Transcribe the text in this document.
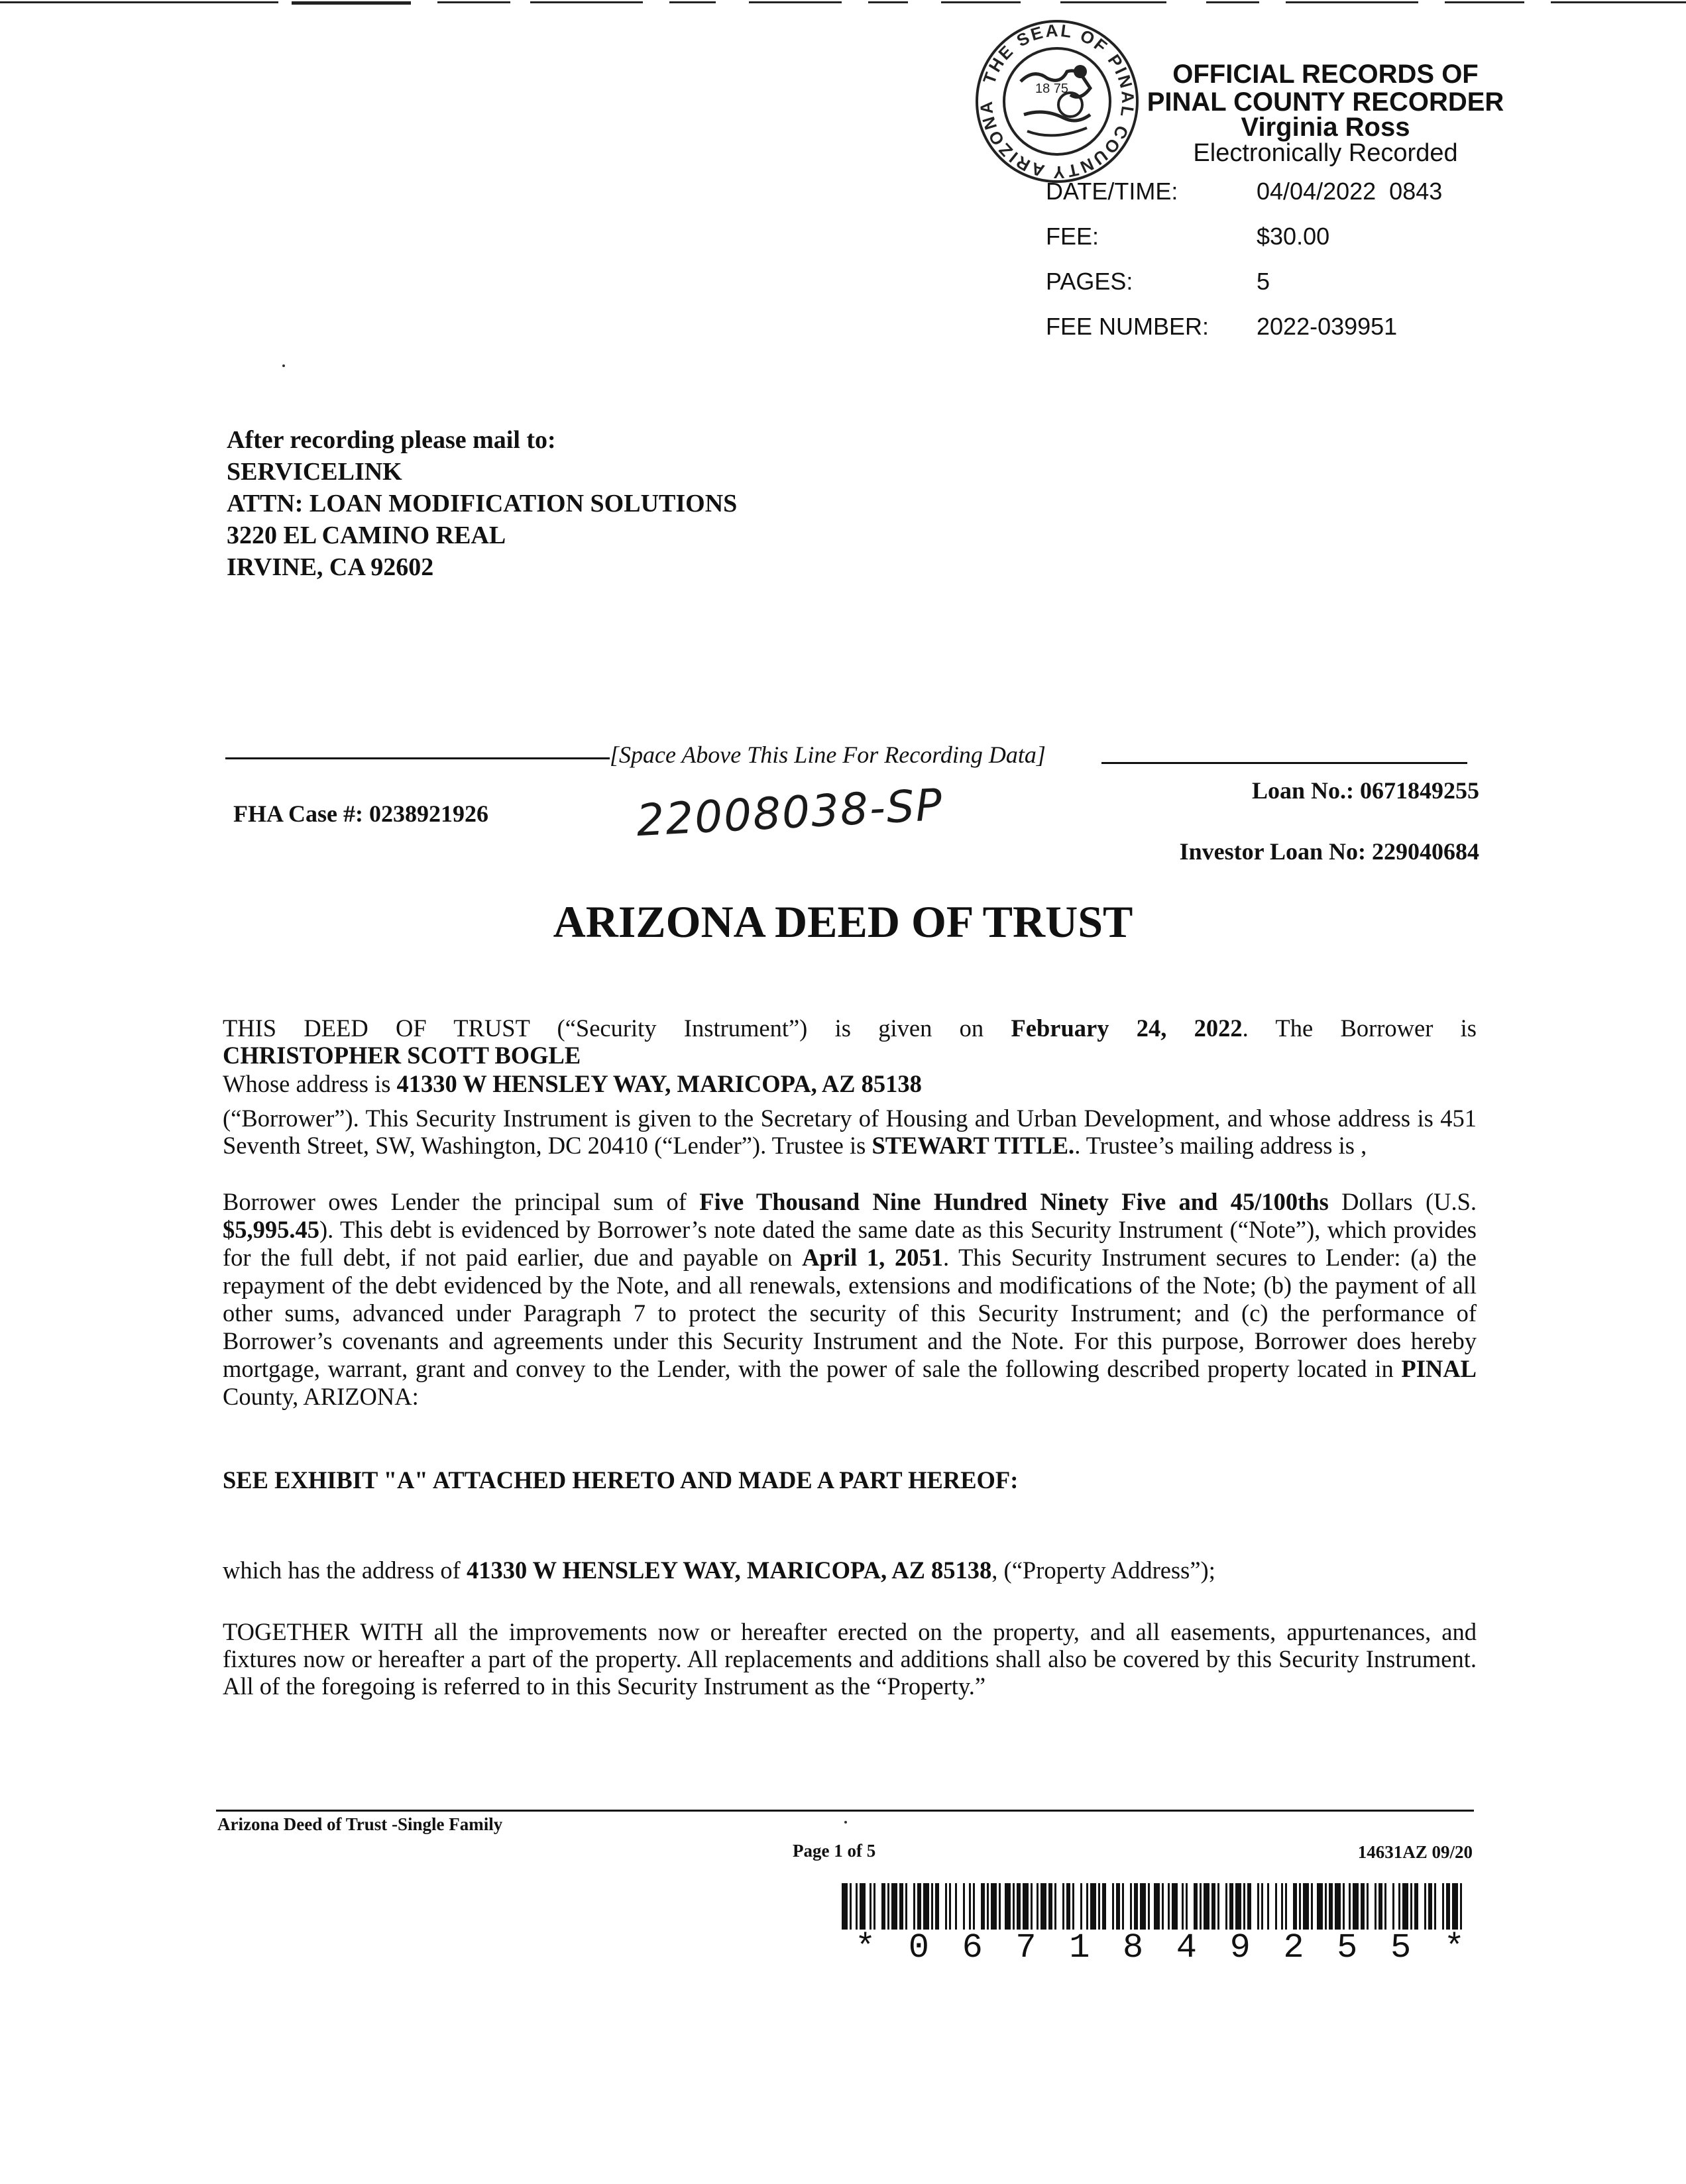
THE SEAL OF PINAL COUNTY ARIZONA
18 75	OFFICIAL RECORDS OF
PINAL COUNTY RECORDER
Virginia Ross
Electronically Recorded
DATE/TIME:	04/04/2022  0843
FEE:	$30.00
PAGES:	5
FEE NUMBER: 2022-039951
After recording please mail to:
SERVICELINK
ATTN: LOAN MODIFICATION SOLUTIONS
3220 EL CAMINO REAL
IRVINE, CA 92602
[Space Above This Line For Recording Data]
FHA Case #: 0238921926	22008038-SP	Loan No.: 0671849255
Investor Loan No: 229040684
ARIZONA DEED OF TRUST

THIS DEED OF TRUST (“Security Instrument”) is given on February 24, 2022. The Borrower is

CHRISTOPHER SCOTT BOGLE

Whose address is 41330 W HENSLEY WAY, MARICOPA, AZ 85138

(“Borrower”). This Security Instrument is given to the Secretary of Housing and Urban Development, and whose address is 451 Seventh Street, SW, Washington, DC 20410 (“Lender”). Trustee is STEWART TITLE.. Trustee’s mailing address is ,

Borrower owes Lender the principal sum of Five Thousand Nine Hundred Ninety Five and 45/100ths Dollars (U.S. $5,995.45). This debt is evidenced by Borrower’s note dated the same date as this Security Instrument (“Note”), which provides for the full debt, if not paid earlier, due and payable on April 1, 2051. This Security Instrument secures to Lender: (a) the repayment of the debt evidenced by the Note, and all renewals, extensions and modifications of the Note; (b) the payment of all other sums, advanced under Paragraph 7 to protect the security of this Security Instrument; and (c) the performance of Borrower’s covenants and agreements under this Security Instrument and the Note. For this purpose, Borrower does hereby mortgage, warrant, grant and convey to the Lender, with the power of sale the following described property located in PINAL County, ARIZONA:

SEE EXHIBIT "A" ATTACHED HERETO AND MADE A PART HEREOF:
which has the address of 41330 W HENSLEY WAY, MARICOPA, AZ 85138, (“Property Address”);

TOGETHER WITH all the improvements now or hereafter erected on the property, and all easements, appurtenances, and fixtures now or hereafter a part of the property. All replacements and additions shall also be covered by this Security Instrument. All of the foregoing is referred to in this Security Instrument as the “Property.”

Arizona Deed of Trust -Single Family
Page 1 of 5	14631AZ 09/20
* 0 6 7 1 8 4 9 2 5 5 *
